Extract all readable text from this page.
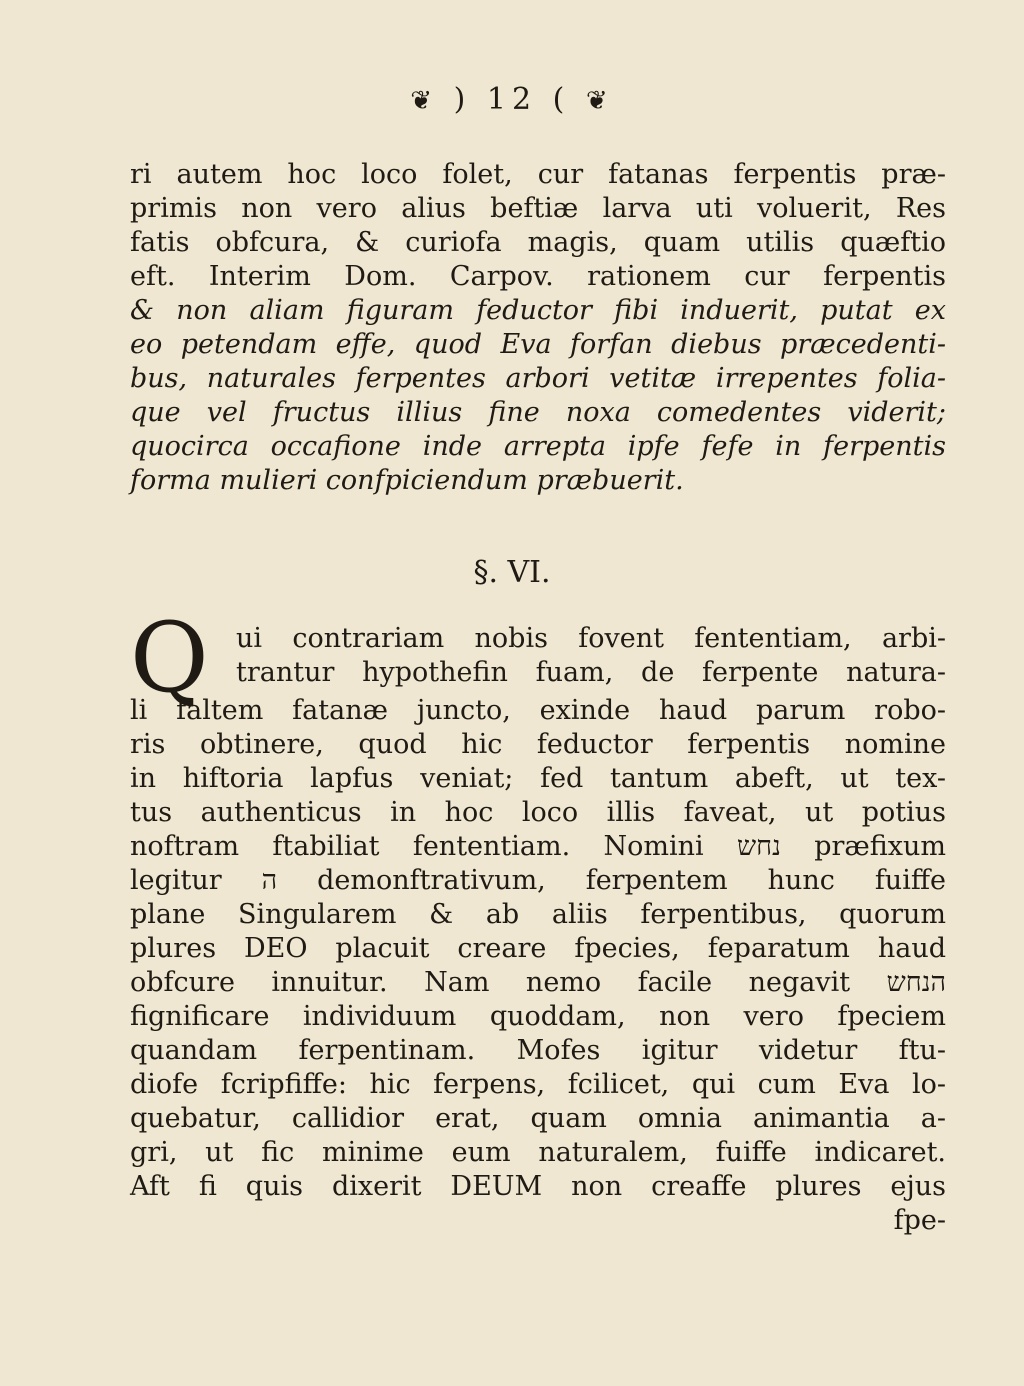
❦ ) 12 ( ❦
ri autem hoc loco folet, cur fatanas ferpentis præ-
primis non vero alius beftiæ larva uti voluerit, Res
fatis obfcura, & curiofa magis, quam utilis quæftio
eft. Interim Dom. Carpov. rationem cur ferpentis
& non aliam figuram feductor fibi induerit, putat ex
eo petendam effe, quod Eva forfan diebus præcedenti-
bus, naturales ferpentes arbori vetitæ irrepentes folia-
que vel fructus illius fine noxa comedentes viderit;
quocirca occafione inde arrepta ipfe fefe in ferpentis
forma mulieri confpiciendum præbuerit.
§. VI.
Q ui contrariam nobis fovent fententiam, arbi-
trantur hypothefin fuam, de ferpente natura-
li faltem fatanæ juncto, exinde haud parum robo-
ris obtinere, quod hic feductor ferpentis nomine
in hiftoria lapfus veniat; fed tantum abeft, ut tex-
tus authenticus in hoc loco illis faveat, ut potius
noftram ftabiliat fententiam. Nomini נחש præfixum
legitur ה demonftrativum, ferpentem hunc fuiffe
plane Singularem & ab aliis ferpentibus, quorum
plures DEO placuit creare fpecies, feparatum haud
obfcure innuitur. Nam nemo facile negavit הנחש
fignificare individuum quoddam, non vero fpeciem
quandam ferpentinam. Mofes igitur videtur ftu-
diofe fcripfiffe: hic ferpens, fcilicet, qui cum Eva lo-
quebatur, callidior erat, quam omnia animantia a-
gri, ut fic minime eum naturalem, fuiffe indicaret.
Aft fi quis dixerit DEUM non creaffe plures ejus
fpe-
